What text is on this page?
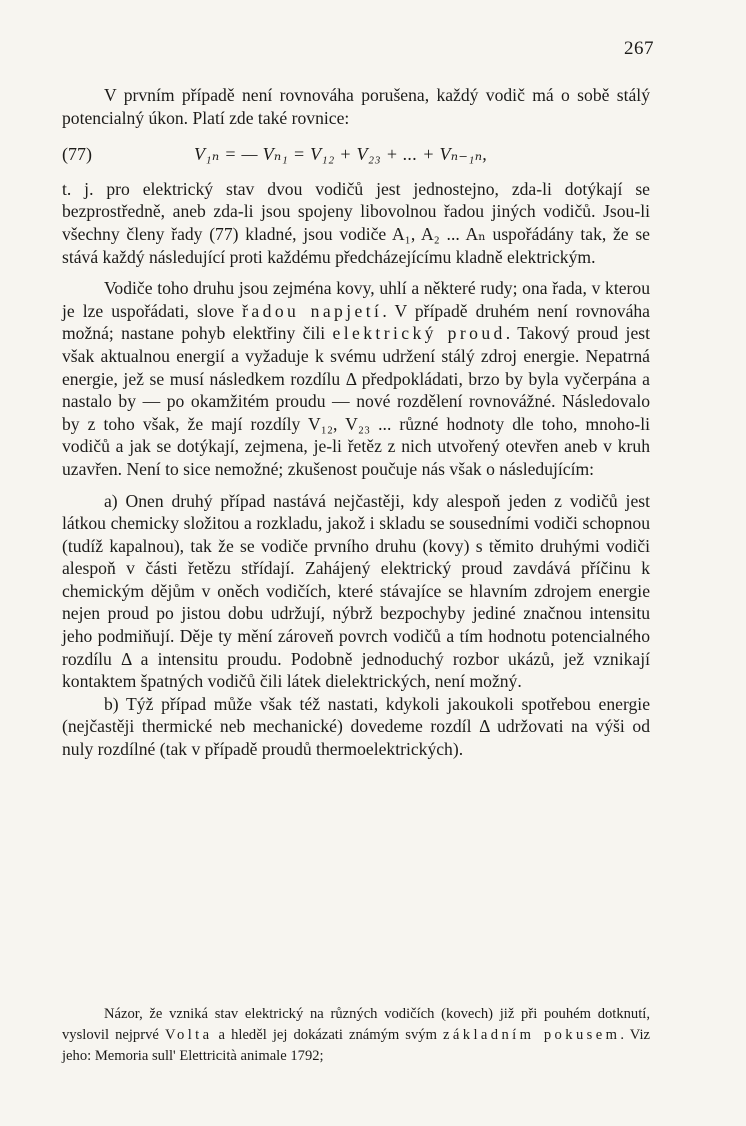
267

V prvním případě není rovnováha porušena, každý vodič má o sobě stálý potencialný úkon. Platí zde také rovnice:

(77)	V₁ₙ = — Vₙ₁ = V₁₂ + V₂₃ + ... + Vₙ₋₁ₙ,

t. j. pro elektrický stav dvou vodičů jest jednostejno, zda-li dotýkají se bezprostředně, aneb zda-li jsou spojeny libovolnou řadou jiných vodičů. Jsou-li všechny členy řady (77) kladné, jsou vodiče A₁, A₂ ... Aₙ uspořádány tak, že se stává každý následující proti každému předcházejícímu kladně elektrickým.

Vodiče toho druhu jsou zejména kovy, uhlí a některé rudy; ona řada, v kterou je lze uspořádati, slove řadou napjetí. V případě druhém není rovnováha možná; nastane pohyb elektřiny čili elektrický proud. Takový proud jest však aktualnou energií a vyžaduje k svému udržení stálý zdroj energie. Nepatrná energie, jež se musí následkem rozdílu Δ předpokládati, brzo by byla vyčerpána a nastalo by — po okamžitém proudu — nové rozdělení rovnovážné. Následovalo by z toho však, že mají rozdíly V₁₂, V₂₃ ... různé hodnoty dle toho, mnoho-li vodičů a jak se dotýkají, zejmena, je-li řetěz z nich utvořený otevřen aneb v kruh uzavřen. Není to sice nemožné; zkušenost poučuje nás však o následujícím:

a) Onen druhý případ nastává nejčastěji, kdy alespoň jeden z vodičů jest látkou chemicky složitou a rozkladu, jakož i skladu se sousedními vodiči schopnou (tudíž kapalnou), tak že se vodiče prvního druhu (kovy) s těmito druhými vodiči alespoň v části řetězu střídají. Zahájený elektrický proud zavdává příčinu k chemickým dějům v oněch vodičích, které stávajíce se hlavním zdrojem energie nejen proud po jistou dobu udržují, nýbrž bezpochyby jediné značnou intensitu jeho podmiňují. Děje ty mění zároveň povrch vodičů a tím hodnotu potencialného rozdílu Δ a intensitu proudu. Podobně jednoduchý rozbor ukázů, jež vznikají kontaktem špatných vodičů čili látek dielektrických, není možný.

b) Týž případ může však též nastati, kdykoli jakoukoli spotřebou energie (nejčastěji thermické neb mechanické) dovedeme rozdíl Δ udržovati na výši od nuly rozdílné (tak v případě proudů thermoelektrických).

Názor, že vzniká stav elektrický na různých vodičích (kovech) již při pouhém dotknutí, vyslovil nejprvé Volta a hleděl jej dokázati známým svým základním pokusem. Viz jeho: Memoria sull' Elettricità animale 1792;
